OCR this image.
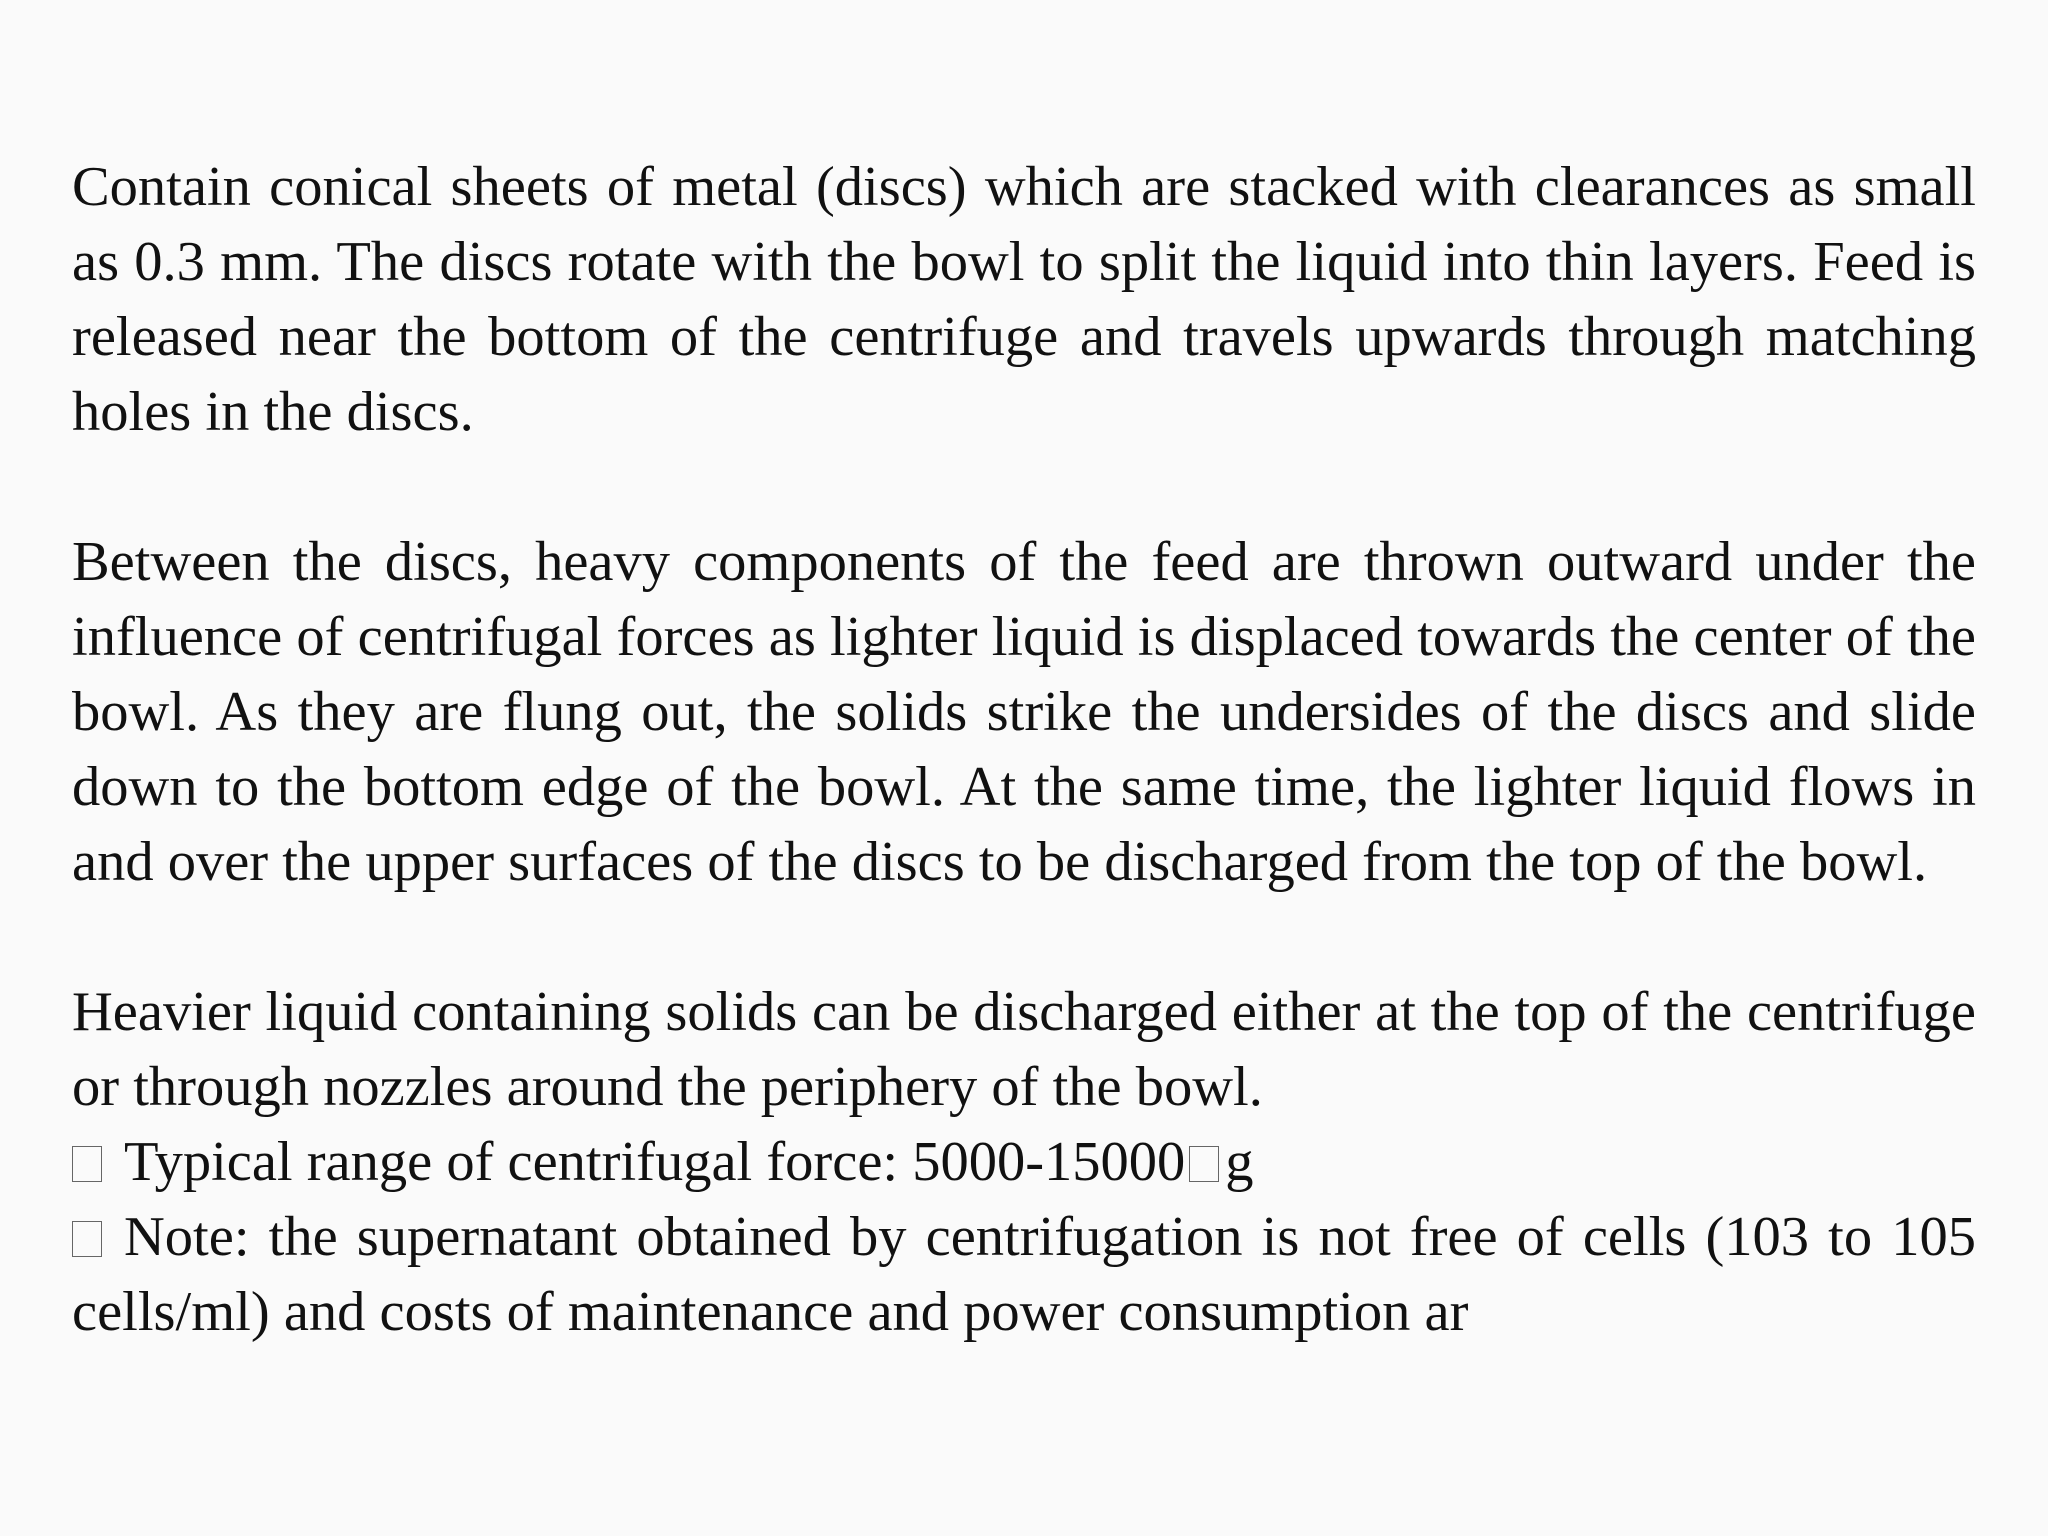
Contain conical sheets of metal (discs) which are stacked with clearances as small as 0.3 mm. The discs rotate with the bowl to split the liquid into thin layers. Feed is released near the bottom of the centrifuge and travels upwards through matching holes in the discs.

Between the discs, heavy components of the feed are thrown outward under the influence of centrifugal forces as lighter liquid is displaced towards the center of the bowl. As they are flung out, the solids strike the undersides of the discs and slide down to the bottom edge of the bowl. At the same time, the lighter liquid flows in and over the upper surfaces of the discs to be discharged from the top of the bowl.

Heavier liquid containing solids can be discharged either at the top of the centrifuge or through nozzles around the periphery of the bowl.

Typical range of centrifugal force: 5000-15000 g

Note: the supernatant obtained by centrifugation is not free of cells (103 to 105 cells/ml) and costs of maintenance and power consumption ar
